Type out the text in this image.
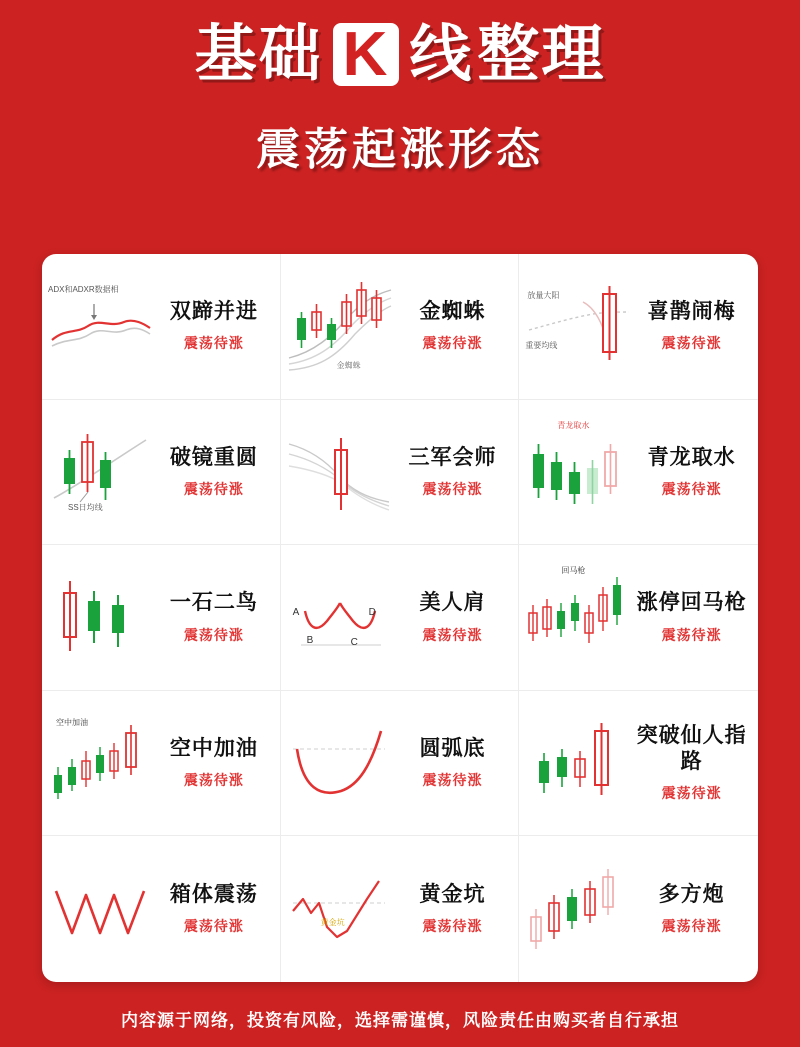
基础 K 线 整理
震荡起涨形态
ADX和ADXR数据相
双蹄并进
震荡待涨
金蜘蛛
金蜘蛛
震荡待涨
放量大阳
重要均线
喜鹊闹梅
震荡待涨
SS日均线
破镜重圆
震荡待涨
三军会师
震荡待涨
青龙取水
青龙取水
震荡待涨
一石二鸟
震荡待涨
A
B	C
D 美人肩
震荡待涨
回马枪
涨停回马枪
震荡待涨
空中加油
空中加油
震荡待涨
圆弧底
震荡待涨
突破仙人指路
震荡待涨
箱体震荡
震荡待涨	黄金坑
黄金坑
震荡待涨
多方炮
震荡待涨
内容源于网络，投资有风险，选择需谨慎，风险责任由购买者自行承担
